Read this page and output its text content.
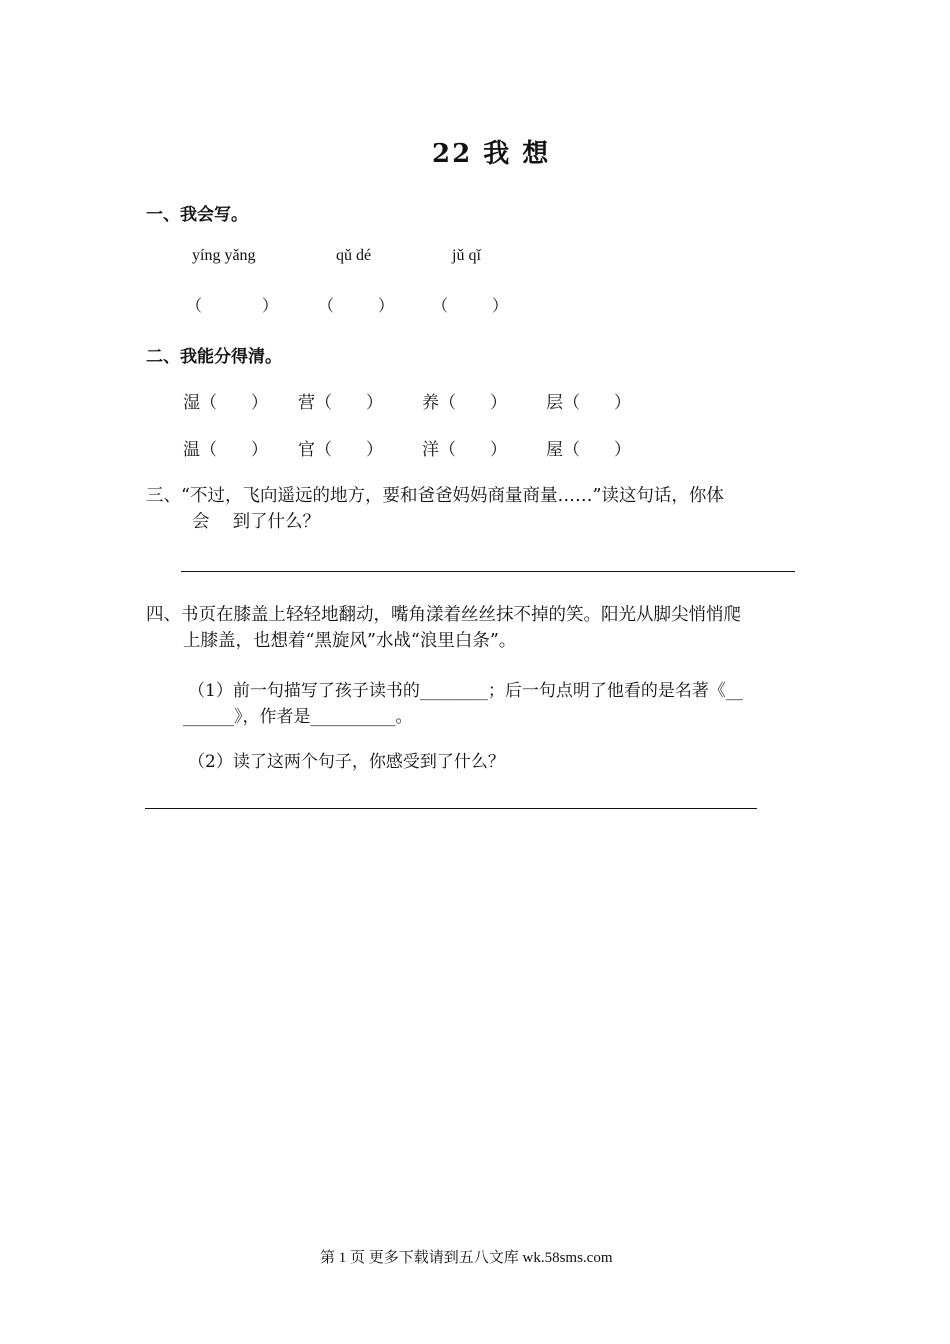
22 我 想
一、我会写。
yíng yǎng	qǔ dé	jǔ qǐ
（	） （	） （	）
二、我能分得清。
湿（　　） 营（　　） 养（　　） 层（　　）
温（　　） 官（　　） 洋（　　） 屋（　　）
三、“不过，飞向遥远的地方，要和爸爸妈妈商量商量……”读这句话，你体
会　 到了什么？
四、书页在膝盖上轻轻地翻动，嘴角漾着丝丝抹不掉的笑。阳光从脚尖悄悄爬
上膝盖，也想着“黑旋风”水战“浪里白条”。
（1）前一句描写了孩子读书的________；后一句点明了他看的是名著《__
______》，作者是__________。
（2）读了这两个句子，你感受到了什么？
第 1 页 更多下载请到五八文库 wk.58sms.com
